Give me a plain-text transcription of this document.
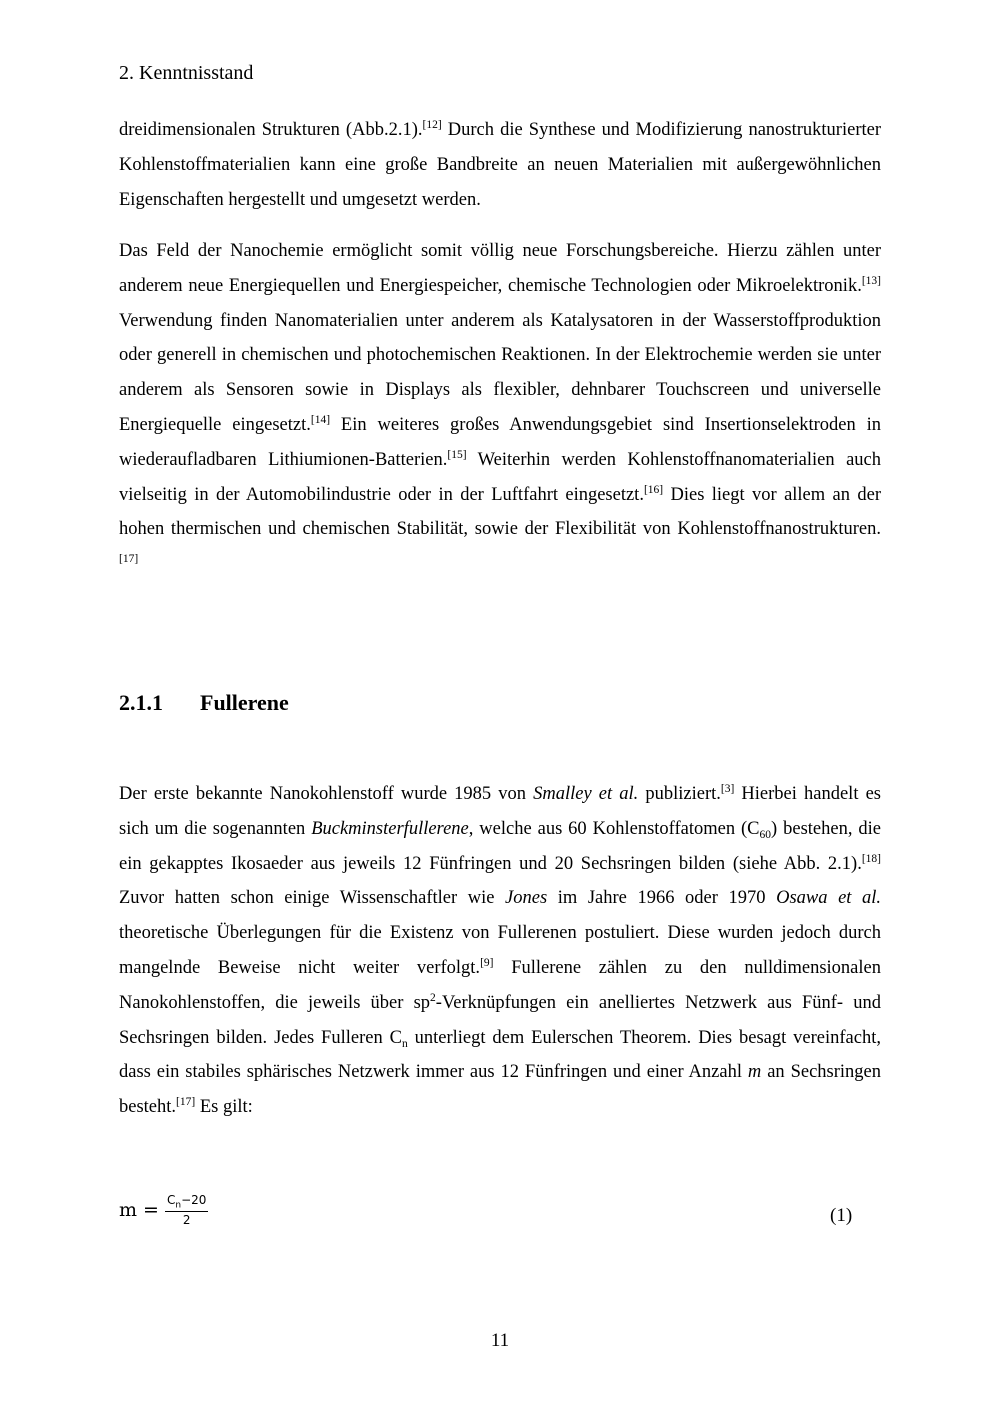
2. Kenntnisstand

dreidimensionalen Strukturen (Abb.2.1).[12] Durch die Synthese und Modifizierung nanostrukturierter Kohlenstoffmaterialien kann eine große Bandbreite an neuen Materialien mit außergewöhnlichen Eigenschaften hergestellt und umgesetzt werden.

Das Feld der Nanochemie ermöglicht somit völlig neue Forschungsbereiche. Hierzu zählen unter anderem neue Energiequellen und Energiespeicher, chemische Technologien oder Mikroelektronik.[13] Verwendung finden Nanomaterialien unter anderem als Katalysatoren in der Wasserstoffproduktion oder generell in chemischen und photochemischen Reaktionen. In der Elektrochemie werden sie unter anderem als Sensoren sowie in Displays als flexibler, dehnbarer Touchscreen und universelle Energiequelle eingesetzt.[14] Ein weiteres großes Anwendungsgebiet sind Insertionselektroden in wiederaufladbaren Lithiumionen-Batterien.[15] Weiterhin werden Kohlenstoffnanomaterialien auch vielseitig in der Automobilindustrie oder in der Luftfahrt eingesetzt.[16] Dies liegt vor allem an der hohen thermischen und chemischen Stabilität, sowie der Flexibilität von Kohlenstoffnanostrukturen.[17]

2.1.1 Fullerene

Der erste bekannte Nanokohlenstoff wurde 1985 von Smalley et al. publiziert.[3] Hierbei handelt es sich um die sogenannten Buckminsterfullerene, welche aus 60 Kohlenstoffatomen $(C_{60})$ bestehen, die ein gekapptes Ikosaeder aus jeweils 12 Fünfringen und 20 Sechsringen bilden (siehe Abb. 2.1).[18] Zuvor hatten schon einige Wissenschaftler wie Jones im Jahre 1966 oder 1970 Osawa et al. theoretische Überlegungen für die Existenz von Fullerenen postuliert. Diese wurden jedoch durch mangelnde Beweise nicht weiter verfolgt.[9] Fullerene zählen zu den nulldimensionalen Nanokohlenstoffen, die jeweils über $sp^2$-Verknüpfungen ein anelliertes Netzwerk aus Fünf- und Sechsringen bilden. Jedes Fulleren $C_n$ unterliegt dem Eulerschen Theorem. Dies besagt vereinfacht, dass ein stabiles sphärisches Netzwerk immer aus 12 Fünfringen und einer Anzahl m an Sechsringen besteht.[17] Es gilt:

$m = \frac{C_n-20}{2}$	(1)
11
